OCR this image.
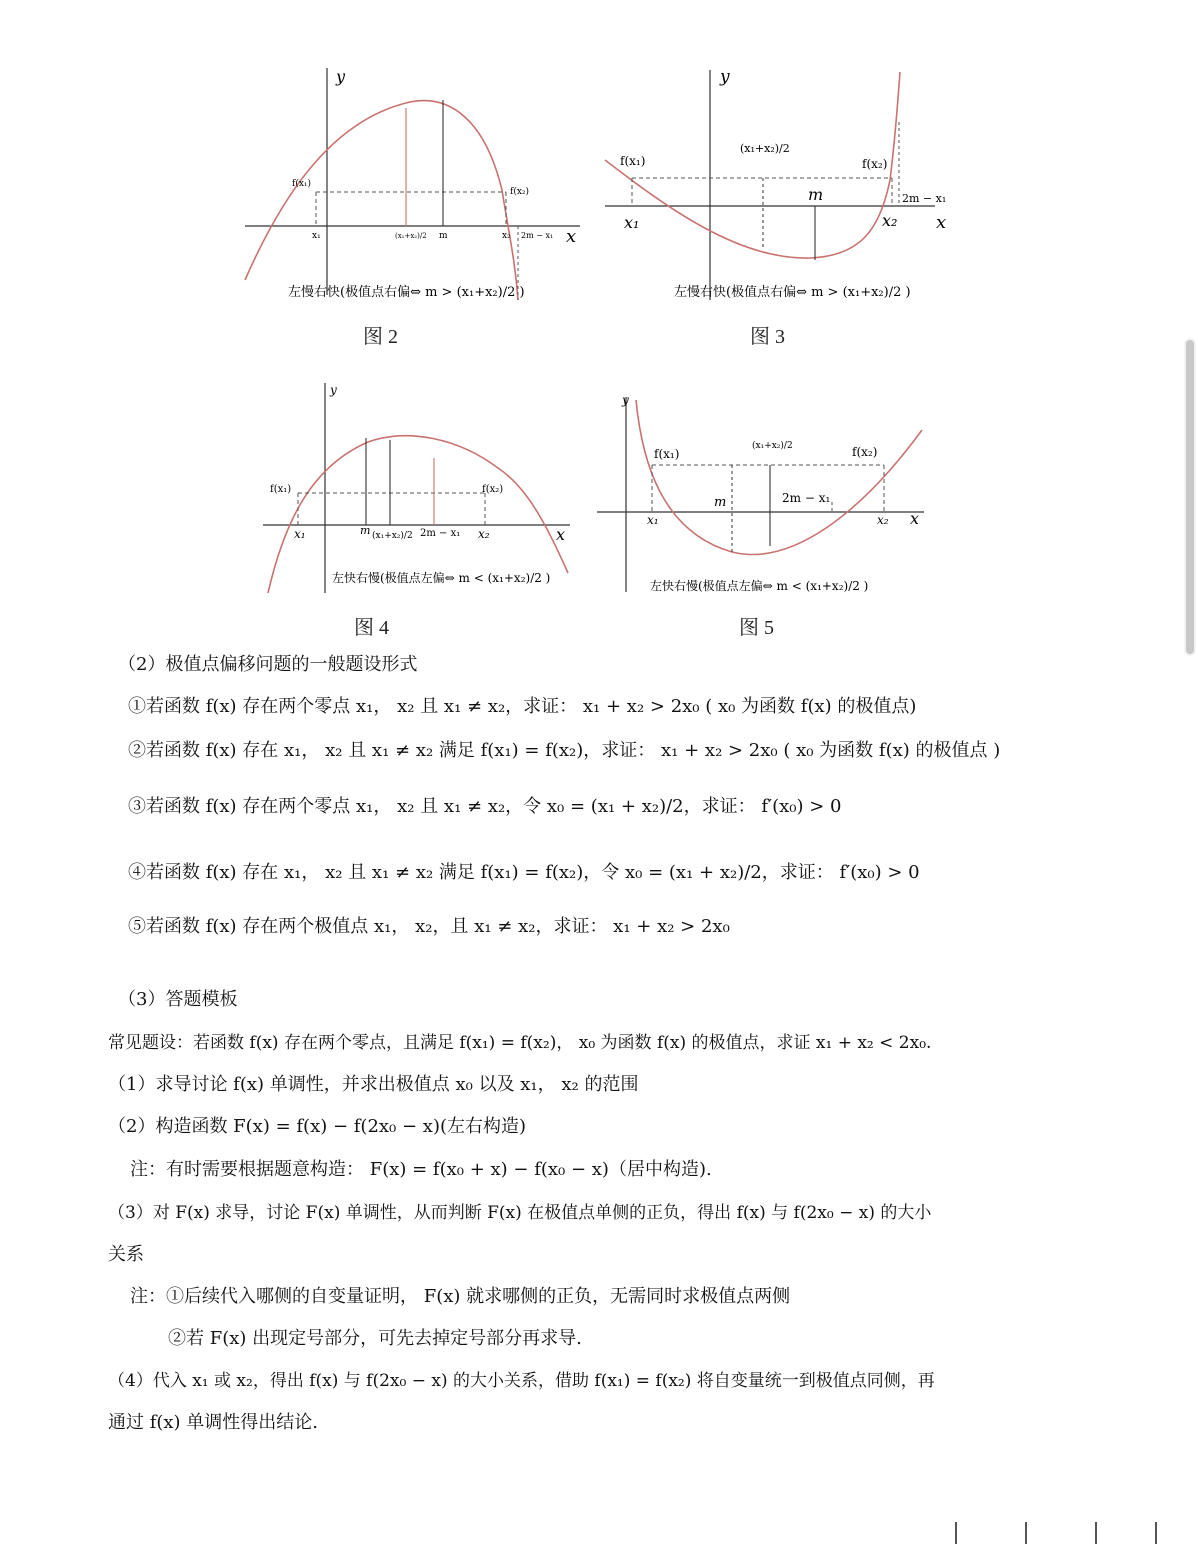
y
x
f(x₁)
f(x₂)
x₁	(x₁+x₂)/2 m	x₂ 2m − x₁
左慢右快(极值点右偏⇔ m > (x₁+x₂)/2 )
图 2
y
x
f(x₁)	f(x₂)
x₁
(x₁+x₂)/2
m
x₂
2m − x₁
左慢右快(极值点右偏⇔ m > (x₁+x₂)/2 )
图 3
y
x
f(x₁)	f(x₂)
x₁	m (x₁+x₂)/2 2m − x₁ x₂
左快右慢(极值点左偏⇔ m < (x₁+x₂)/2 )
图 4
y
x
f(x₁)	f(x₂)
x₁
(x₁+x₂)/2
m	2m − x₁
x₂
左快右慢(极值点左偏⇔ m < (x₁+x₂)/2 )
图 5
（2）极值点偏移问题的一般题设形式
①若函数 f(x) 存在两个零点 x₁， x₂ 且 x₁ ≠ x₂，求证： x₁ + x₂ > 2x₀ ( x₀ 为函数 f(x) 的极值点)
②若函数 f(x) 存在 x₁， x₂ 且 x₁ ≠ x₂ 满足 f(x₁) = f(x₂)，求证： x₁ + x₂ > 2x₀ ( x₀ 为函数 f(x) 的极值点 )
③若函数 f(x) 存在两个零点 x₁， x₂ 且 x₁ ≠ x₂，令 x₀ = (x₁ + x₂)/2，求证： f′(x₀) > 0
④若函数 f(x) 存在 x₁， x₂ 且 x₁ ≠ x₂ 满足 f(x₁) = f(x₂)，令 x₀ = (x₁ + x₂)/2，求证： f′(x₀) > 0
⑤若函数 f(x) 存在两个极值点 x₁， x₂，且 x₁ ≠ x₂，求证： x₁ + x₂ > 2x₀
（3）答题模板
常见题设：若函数 f(x) 存在两个零点，且满足 f(x₁) = f(x₂)， x₀ 为函数 f(x) 的极值点，求证 x₁ + x₂ < 2x₀.
（1）求导讨论 f(x) 单调性，并求出极值点 x₀ 以及 x₁， x₂ 的范围
（2）构造函数 F(x) = f(x) − f(2x₀ − x)(左右构造)
注：有时需要根据题意构造： F(x) = f(x₀ + x) − f(x₀ − x)（居中构造).
（3）对 F(x) 求导，讨论 F(x) 单调性，从而判断 F(x) 在极值点单侧的正负，得出 f(x) 与 f(2x₀ − x) 的大小
关系
注：①后续代入哪侧的自变量证明， F(x) 就求哪侧的正负，无需同时求极值点两侧
②若 F(x) 出现定号部分，可先去掉定号部分再求导.
（4）代入 x₁ 或 x₂，得出 f(x) 与 f(2x₀ − x) 的大小关系，借助 f(x₁) = f(x₂) 将自变量统一到极值点同侧，再
通过 f(x) 单调性得出结论.
